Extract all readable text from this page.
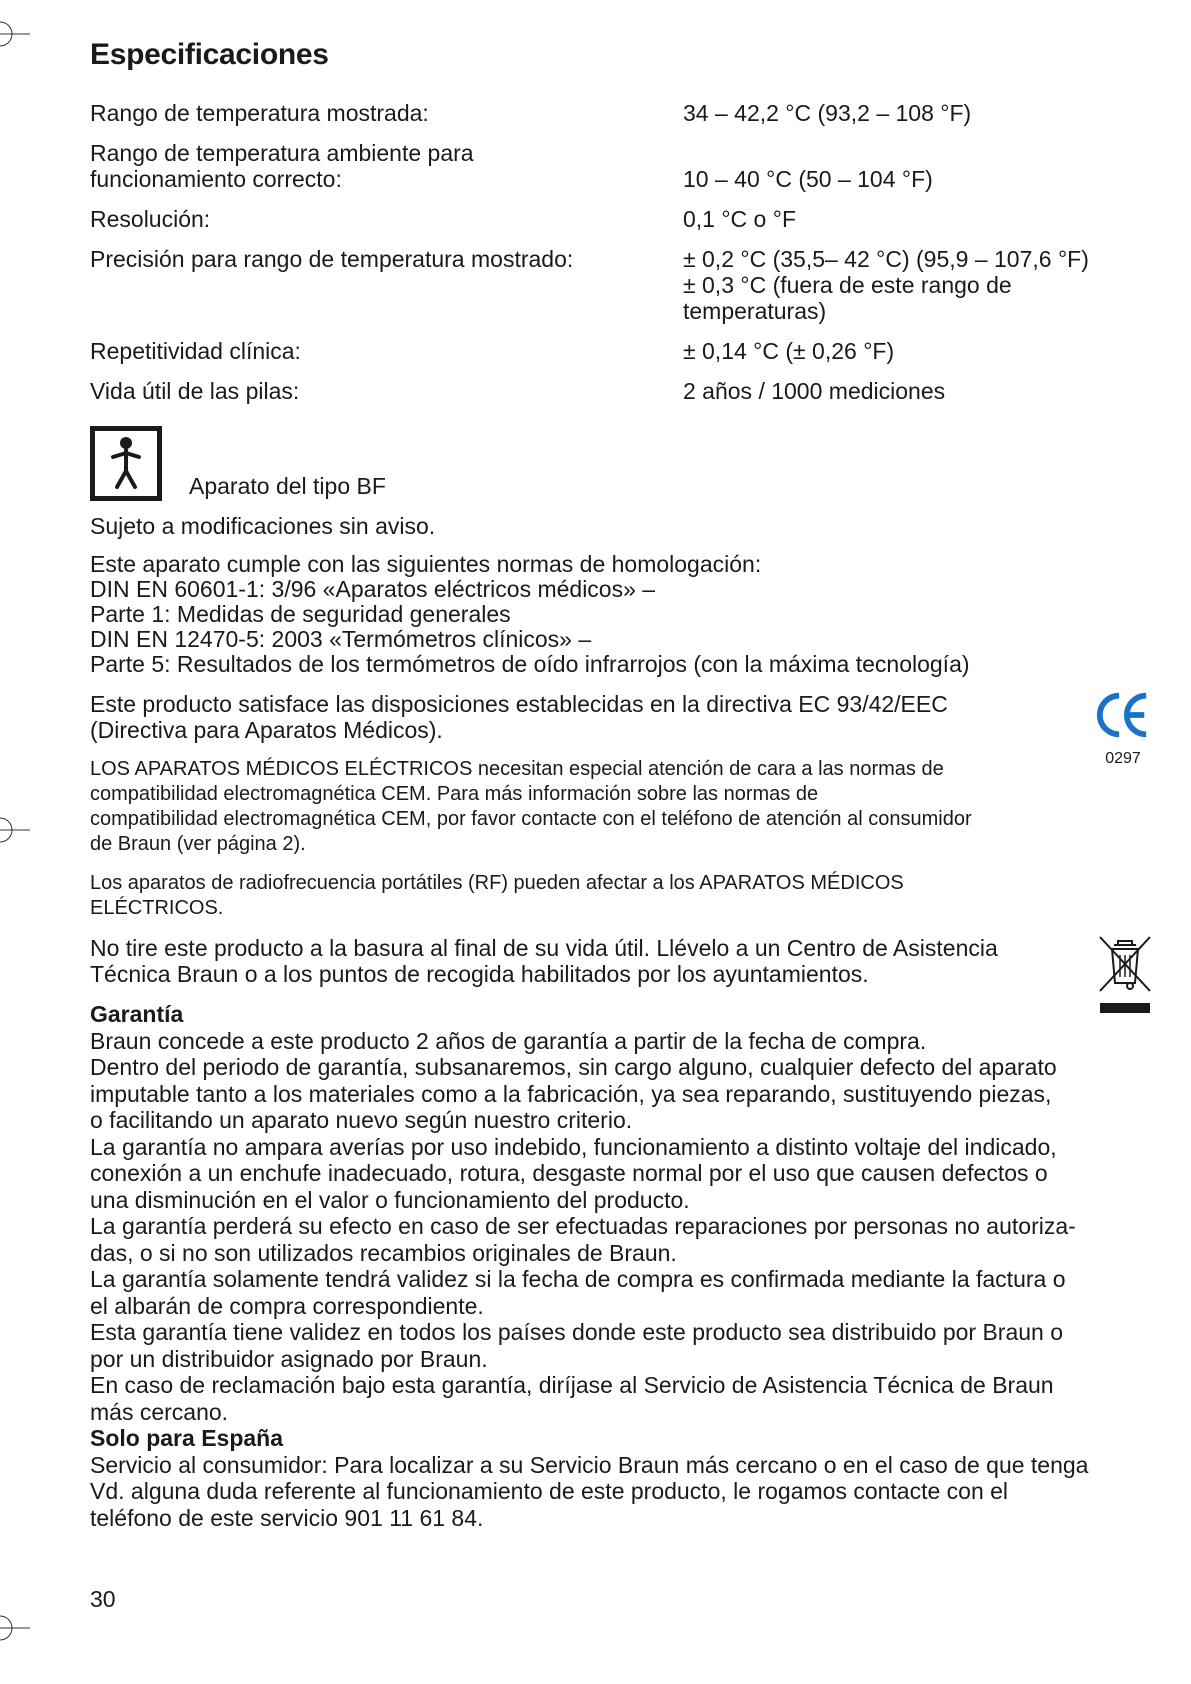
Especificaciones
Rango de temperatura mostrada:	34 – 42,2 °C (93,2 – 108 °F)
Rango de temperatura ambiente para
funcionamiento correcto:	10 – 40 °C (50 – 104 °F)
Resolución:	0,1 °C o °F
Precisión para rango de temperatura mostrado:	± 0,2 °C (35,5– 42 °C) (95,9 – 107,6 °F)
± 0,3 °C (fuera de este rango de
temperaturas)
Repetitividad clínica:	± 0,14 °C (± 0,26 °F)
Vida útil de las pilas:	2 años / 1000 mediciones
Aparato del tipo BF

Sujeto a modificaciones sin aviso.

Este aparato cumple con las siguientes normas de homologación:
DIN EN 60601-1: 3/96 «Aparatos eléctricos médicos» –
Parte 1: Medidas de seguridad generales
DIN EN 12470-5: 2003 «Termómetros clínicos» –
Parte 5: Resultados de los termómetros de oído infrarrojos (con la máxima tecnología)
Este producto satisface las disposiciones establecidas en la directiva EC 93/42/EEC
(Directiva para Aparatos Médicos).
0297
LOS APARATOS MÉDICOS ELÉCTRICOS necesitan especial atención de cara a las normas de
compatibilidad electromagnética CEM. Para más información sobre las normas de
compatibilidad electromagnética CEM, por favor contacte con el teléfono de atención al consumidor
de Braun (ver página 2).
Los aparatos de radiofrecuencia portátiles (RF) pueden afectar a los APARATOS MÉDICOS
ELÉCTRICOS.
No tire este producto a la basura al final de su vida útil. Llévelo a un Centro de Asistencia
Técnica Braun o a los puntos de recogida habilitados por los ayuntamientos.
Garantía
Braun concede a este producto 2 años de garantía a partir de la fecha de compra.
Dentro del periodo de garantía, subsanaremos, sin cargo alguno, cualquier defecto del aparato
imputable tanto a los materiales como a la fabricación, ya sea reparando, sustituyendo piezas,
o facilitando un aparato nuevo según nuestro criterio.
La garantía no ampara averías por uso indebido, funcionamiento a distinto voltaje del indicado,
conexión a un enchufe inadecuado, rotura, desgaste normal por el uso que causen defectos o
una disminución en el valor o funcionamiento del producto.
La garantía perderá su efecto en caso de ser efectuadas reparaciones por personas no autoriza-
das, o si no son utilizados recambios originales de Braun.
La garantía solamente tendrá validez si la fecha de compra es confirmada mediante la factura o
el albarán de compra correspondiente.
Esta garantía tiene validez en todos los países donde este producto sea distribuido por Braun o
por un distribuidor asignado por Braun.
En caso de reclamación bajo esta garantía, diríjase al Servicio de Asistencia Técnica de Braun
más cercano.
Solo para España
Servicio al consumidor: Para localizar a su Servicio Braun más cercano o en el caso de que tenga
Vd. alguna duda referente al funcionamiento de este producto, le rogamos contacte con el
teléfono de este servicio 901 11 61 84.
30
